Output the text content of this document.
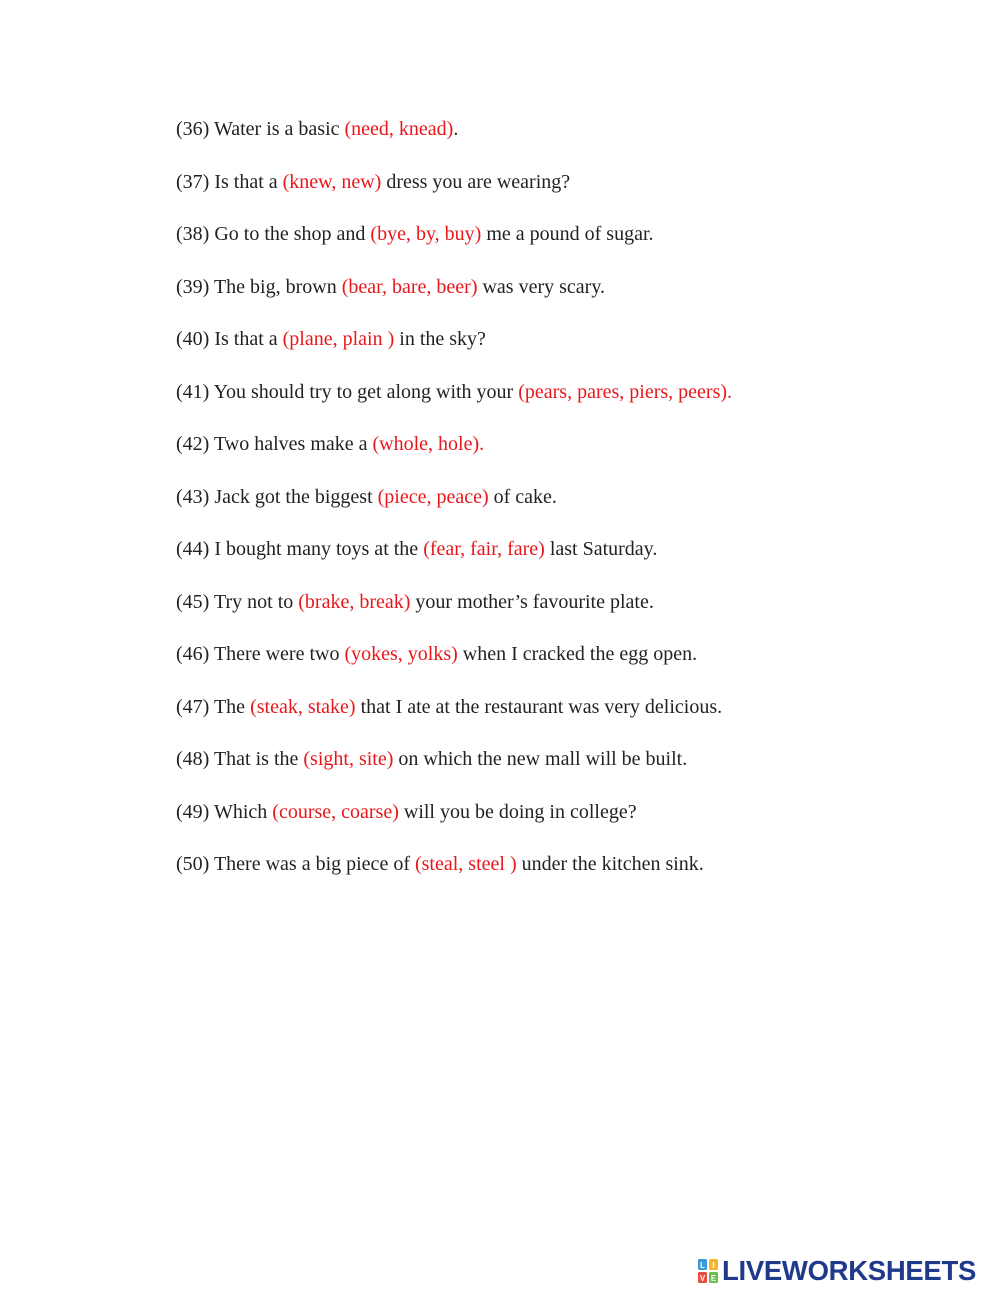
(36) Water is a basic (need, knead).
(37) Is that a (knew, new) dress you are wearing?
(38) Go to the shop and (bye, by, buy) me a pound of sugar.
(39) The big, brown (bear, bare, beer) was very scary.
(40) Is that a (plane, plain ) in the sky?
(41) You should try to get along with your (pears, pares, piers, peers).
(42) Two halves make a (whole, hole).
(43) Jack got the biggest (piece, peace) of cake.
(44) I bought many toys at the (fear, fair, fare) last Saturday.
(45) Try not to (brake, break) your mother’s favourite plate.
(46) There were two (yokes, yolks) when I cracked the egg open.
(47) The (steak, stake) that I ate at the restaurant was very delicious.
(48) That is the (sight, site) on which the new mall will be built.
(49) Which (course, coarse) will you be doing in college?
(50) There was a big piece of (steal, steel ) under the kitchen sink.
L I
V E LIVEWORKSHEETS
